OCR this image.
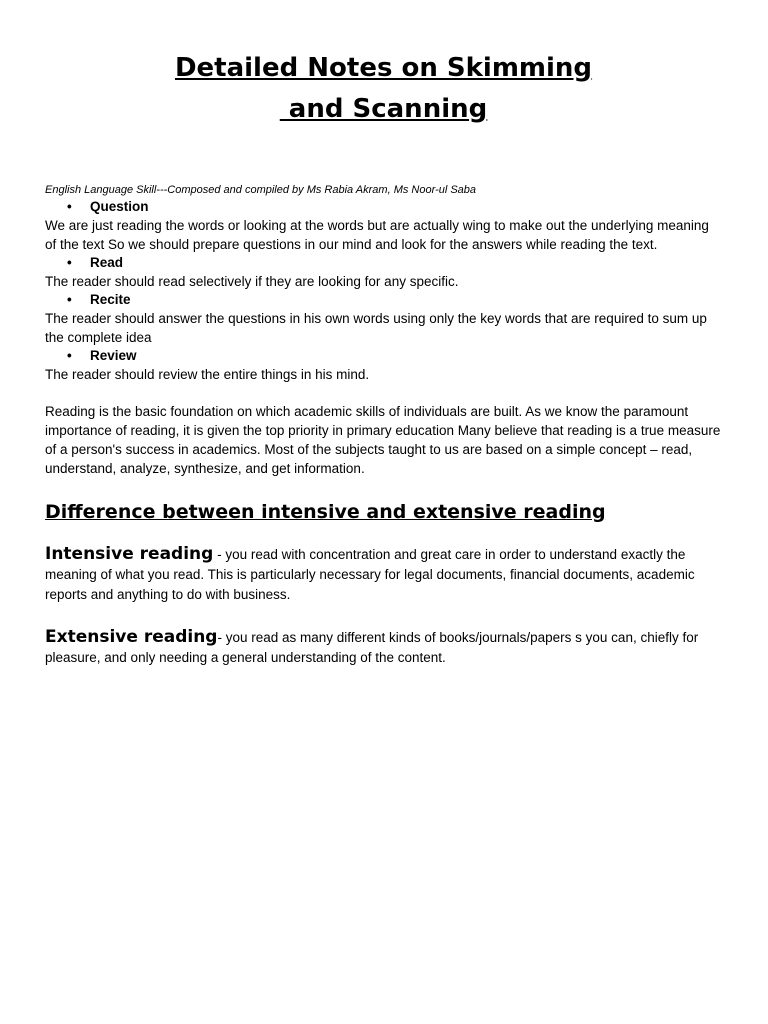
Detailed Notes on Skimming
and Scanning
English Language Skill---Composed and compiled by Ms Rabia Akram, Ms Noor-ul Saba
• Question

We are just reading the words or looking at the words but are actually wing to make out the underlying meaning of the text So we should prepare questions in our mind and look for the answers while reading the text.

• Read

The reader should read selectively if they are looking for any specific.

• Recite

The reader should answer the questions in his own words using only the key words that are required to sum up the complete idea

• Review

The reader should review the entire things in his mind.

Reading is the basic foundation on which academic skills of individuals are built. As we know the paramount importance of reading, it is given the top priority in primary education Many believe that reading is a true measure of a person's success in academics. Most of the subjects taught to us are based on a simple concept – read, understand, analyze, synthesize, and get information.

Difference between intensive and extensive reading

Intensive reading - you read with concentration and great care in order to understand exactly the meaning of what you read. This is particularly necessary for legal documents, financial documents, academic reports and anything to do with business.

Extensive reading- you read as many different kinds of books/journals/papers s you can, chiefly for pleasure, and only needing a general understanding of the content.
